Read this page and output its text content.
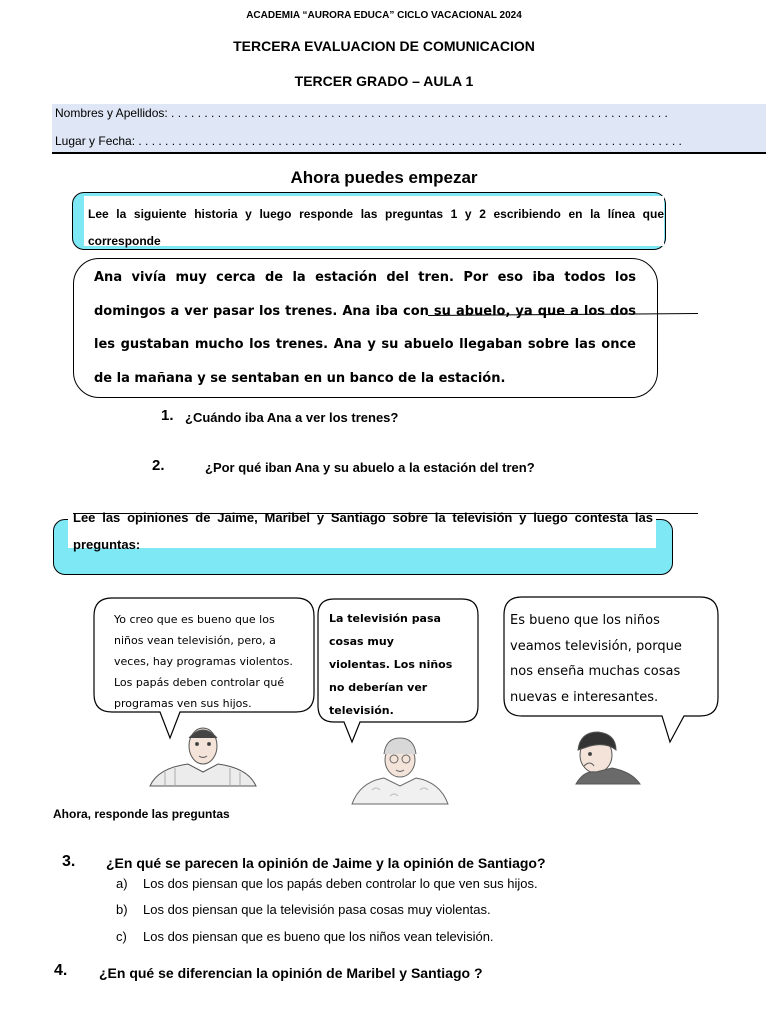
ACADEMIA “AURORA EDUCA” CICLO VACACIONAL 2024
TERCERA EVALUACION DE COMUNICACION
TERCER GRADO – AULA 1
Nombres y Apellidos: . . . . . . . . . . . . . . . . . . . . . . . . . . . . . . . . . . . . . . . . . . . . . . . . . . . . . . . . . . . . . . . . . . . . . . . . . . .
Lugar y Fecha: . . . . . . . . . . . . . . . . . . . . . . . . . . . . . . . . . . . . . . . . . . . . . . . . . . . . . . . . . . . . . . . . . . . . . . . . . . . . . . . . . .
Ahora puedes empezar
Lee la siguiente historia y luego responde las preguntas 1 y 2 escribiendo en la línea que corresponde
Ana vivía muy cerca de la estación del tren. Por eso iba todos los
domingos a ver pasar los trenes. Ana iba con su abuelo, ya que a los dos
les gustaban mucho los trenes. Ana y su abuelo llegaban sobre las once
de la mañana y se sentaban en un banco de la estación.
1. ¿Cuándo iba Ana a ver los trenes?
2.	¿Por qué iban Ana y su abuelo a la estación del tren?
Lee las opiniones de Jaime, Maribel y Santiago sobre la televisión y luego contesta las preguntas:
Yo creo que es bueno que los
niños vean televisión, pero, a
veces, hay programas violentos.
Los papás deben controlar qué
programas ven sus hijos.
La televisión pasa
cosas muy
violentas. Los niños
no deberían ver
televisión.
Es bueno que los niños
veamos televisión, porque
nos enseña muchas cosas
nuevas e interesantes.
Ahora, responde las preguntas
3. ¿En qué se parecen la opinión de Jaime y la opinión de Santiago?
a) Los dos piensan que los papás deben controlar lo que ven sus hijos.
b) Los dos piensan que la televisión pasa cosas muy violentas.
c) Los dos piensan que es bueno que los niños vean televisión.
4. ¿En qué se diferencian la opinión de Maribel y Santiago ?
